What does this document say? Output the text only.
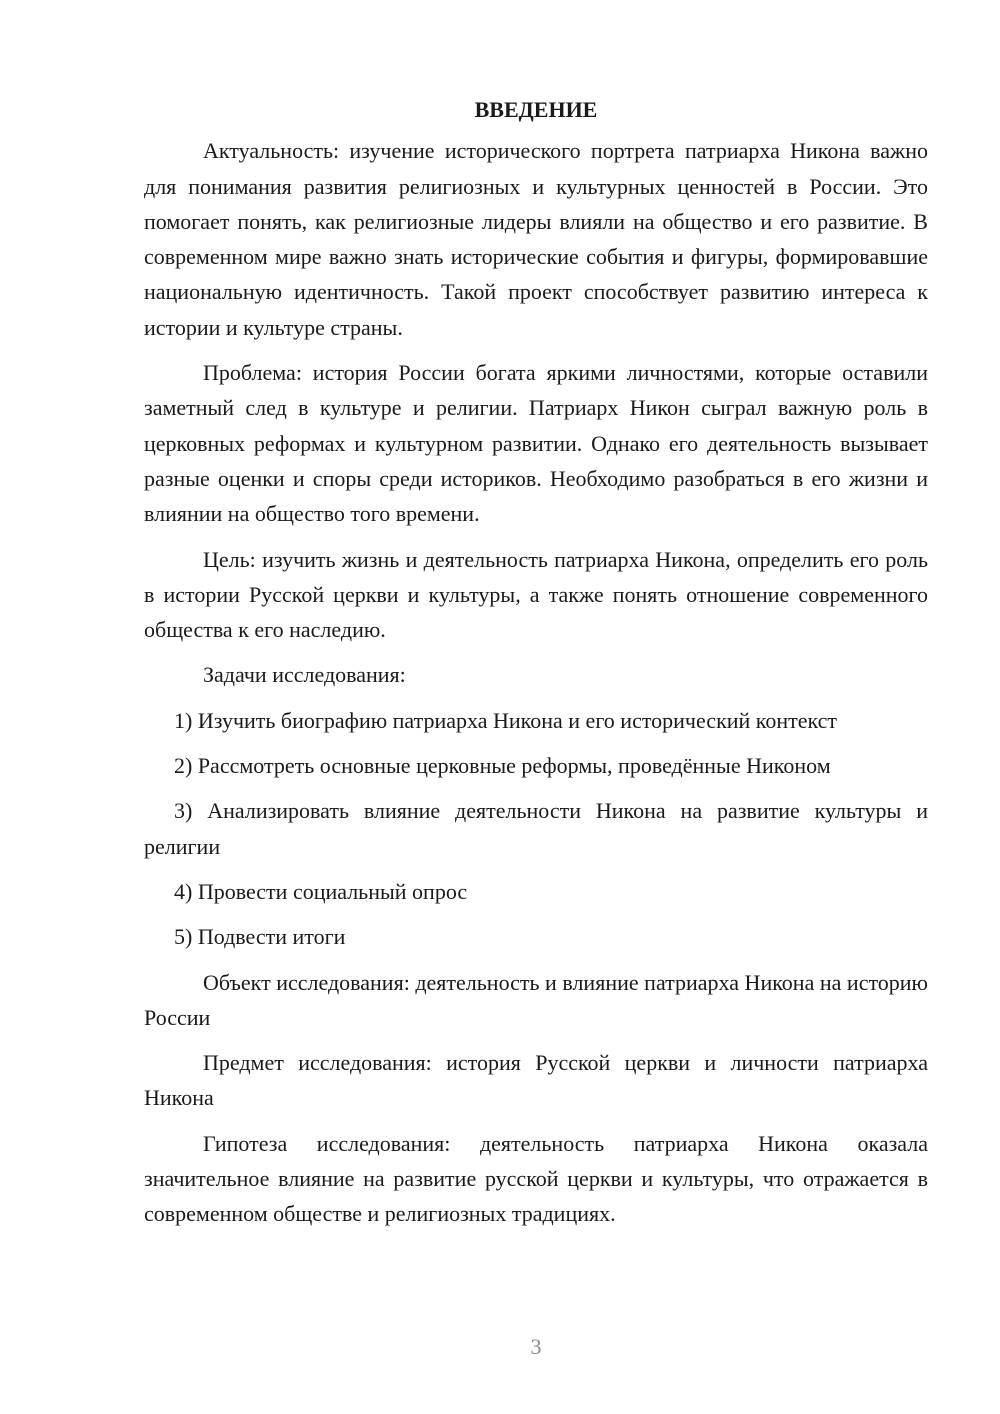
ВВЕДЕНИЕ

Актуальность: изучение исторического портрета патриарха Никона важно для понимания развития религиозных и культурных ценностей в России. Это помогает понять, как религиозные лидеры влияли на общество и его развитие. В современном мире важно знать исторические события и фигуры, формировавшие национальную идентичность. Такой проект способствует развитию интереса к истории и культуре страны.

Проблема: история России богата яркими личностями, которые оставили заметный след в культуре и религии. Патриарх Никон сыграл важную роль в церковных реформах и культурном развитии. Однако его деятельность вызывает разные оценки и споры среди историков. Необходимо разобраться в его жизни и влиянии на общество того времени.

Цель: изучить жизнь и деятельность патриарха Никона, определить его роль в истории Русской церкви и культуры, а также понять отношение современного общества к его наследию.

Задачи исследования:

1) Изучить биографию патриарха Никона и его исторический контекст

2) Рассмотреть основные церковные реформы, проведённые Никоном

3) Анализировать влияние деятельности Никона на развитие культуры и религии

4) Провести социальный опрос

5) Подвести итоги

Объект исследования: деятельность и влияние патриарха Никона на историю России

Предмет исследования: история Русской церкви и личности патриарха Никона

Гипотеза исследования: деятельность патриарха Никона оказала значительное влияние на развитие русской церкви и культуры, что отражается в современном обществе и религиозных традициях.

3
